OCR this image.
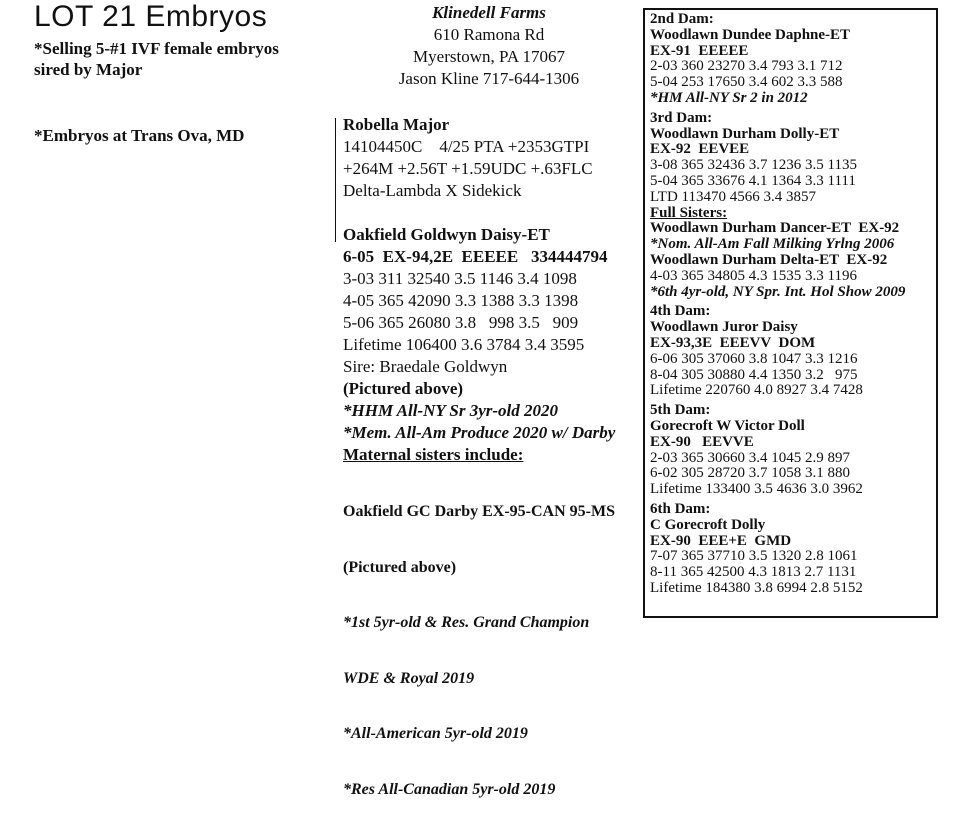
LOT 21 Embryos
*Selling 5-#1 IVF female embryos
sired by Major
*Embryos at Trans Ova, MD
Klinedell Farms
610 Ramona Rd
Myerstown, PA 17067
Jason Kline 717-644-1306
Robella Major
14104450C    4/25 PTA +2353GTPI
+264M +2.56T +1.59UDC +.63FLC
Delta-Lambda X Sidekick
Oakfield Goldwyn Daisy-ET
6-05  EX-94,2E  EEEEE   334444794
3-03 311 32540 3.5 1146 3.4 1098
4-05 365 42090 3.3 1388 3.3 1398
5-06 365 26080 3.8   998 3.5   909
Lifetime 106400 3.6 3784 3.4 3595
Sire: Braedale Goldwyn
(Pictured above)
*HHM All-NY Sr 3yr-old 2020
*Mem. All-Am Produce 2020 w/ Darby
Maternal sisters include:

Oakfield GC Darby EX-95-CAN 95-MS

(Pictured above)

*1st 5yr-old & Res. Grand Champion

WDE & Royal 2019

*All-American 5yr-old 2019

*Res All-Canadian 5yr-old 2019

2nd Dam:
Woodlawn Dundee Daphne-ET
EX-91  EEEEE
2-03 360 23270 3.4 793 3.1 712
5-04 253 17650 3.4 602 3.3 588
*HM All-NY Sr 2 in 2012
3rd Dam:
Woodlawn Durham Dolly-ET
EX-92  EEVEE
3-08 365 32436 3.7 1236 3.5 1135
5-04 365 33676 4.1 1364 3.3 1111
LTD 113470 4566 3.4 3857
Full Sisters:
Woodlawn Durham Dancer-ET  EX-92
*Nom. All-Am Fall Milking Yrlng 2006
Woodlawn Durham Delta-ET  EX-92
4-03 365 34805 4.3 1535 3.3 1196
*6th 4yr-old, NY Spr. Int. Hol Show 2009
4th Dam:
Woodlawn Juror Daisy
EX-93,3E  EEEVV  DOM
6-06 305 37060 3.8 1047 3.3 1216
8-04 305 30880 4.4 1350 3.2   975
Lifetime 220760 4.0 8927 3.4 7428
5th Dam:
Gorecroft W Victor Doll
EX-90   EEVVE
2-03 365 30660 3.4 1045 2.9 897
6-02 305 28720 3.7 1058 3.1 880
Lifetime 133400 3.5 4636 3.0 3962
6th Dam:
C Gorecroft Dolly
EX-90  EEE+E  GMD
7-07 365 37710 3.5 1320 2.8 1061
8-11 365 42500 4.3 1813 2.7 1131
Lifetime 184380 3.8 6994 2.8 5152
